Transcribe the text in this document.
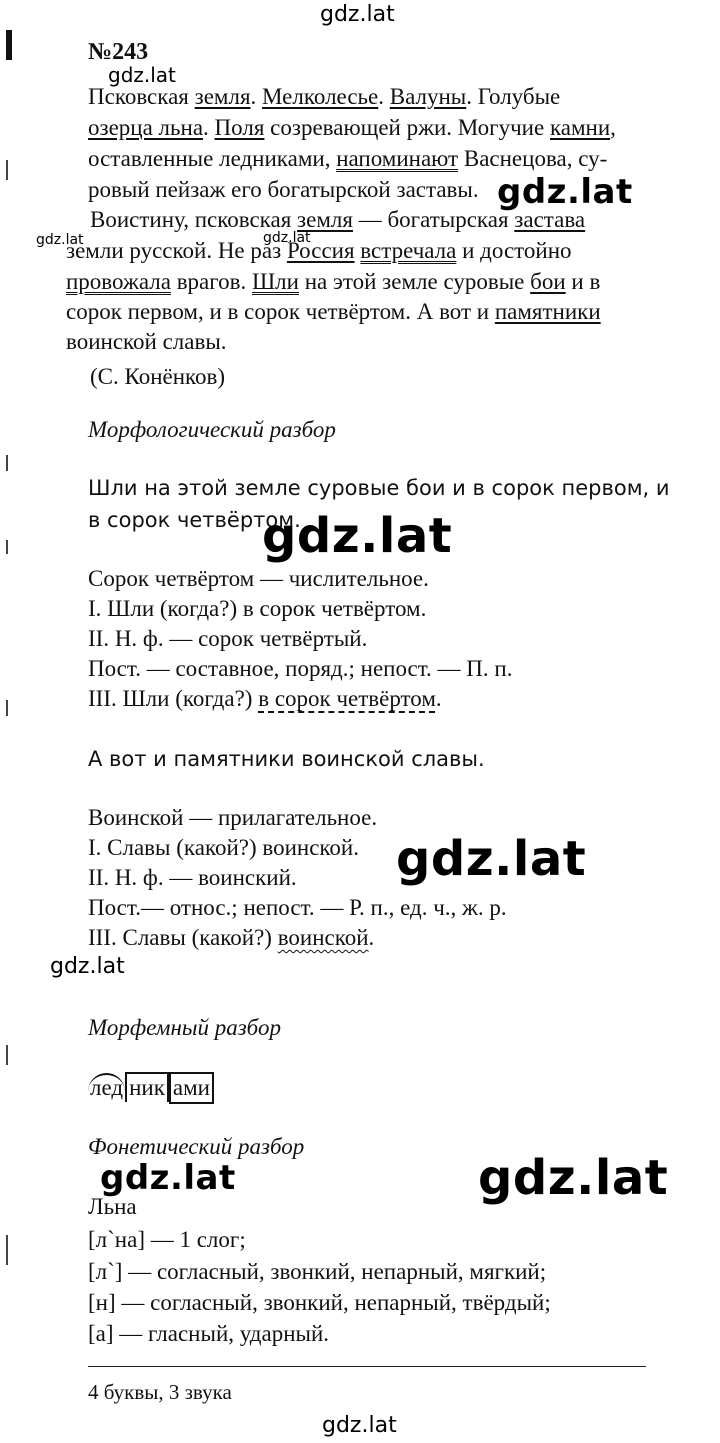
gdz.lat
№243
gdz.lat
Псковская земля. Мелколесье. Валуны. Голубые
озерца льна. Поля созревающей ржи. Могучие камни,
оставленные ледниками, напоминают Васнецова, су-
ровый пейзаж его богатырской заставы. gdz.lat
Воистину, псковская земля — богатырская застава
gdz.lat	gdz.lat
земли русской. Не раз Россия встречала и достойно
провожала врагов. Шли на этой земле суровые бои и в
сорок первом, и в сорок четвёртом. А вот и памятники
воинской славы.
(С. Конёнков)
Морфологический разбор
Шли на этой земле суровые бои и в сорок первом, и
в сорок четвёртом.
gdz.lat
Сорок четвёртом — числительное.
I. Шли (когда?) в сорок четвёртом.
II. Н. ф. — сорок четвёртый.
Пост. — составное, поряд.; непост. — П. п.
III. Шли (когда?) в сорок четвёртом.
А вот и памятники воинской славы.
Воинской — прилагательное.
I. Славы (какой?) воинской. gdz.lat
II. Н. ф. — воинский.
Пост.— относ.; непост. — Р. п., ед. ч., ж. р.
III. Славы (какой?) воинской.
gdz.lat
Морфемный разбор
лед ник ами
Фонетический разбор
gdz.lat	gdz.lat
Льна
[л`на] — 1 слог;
[л`] — согласный, звонкий, непарный, мягкий;
[н] — согласный, звонкий, непарный, твёрдый;
[а] — гласный, ударный.
4 буквы, 3 звука
gdz.lat
